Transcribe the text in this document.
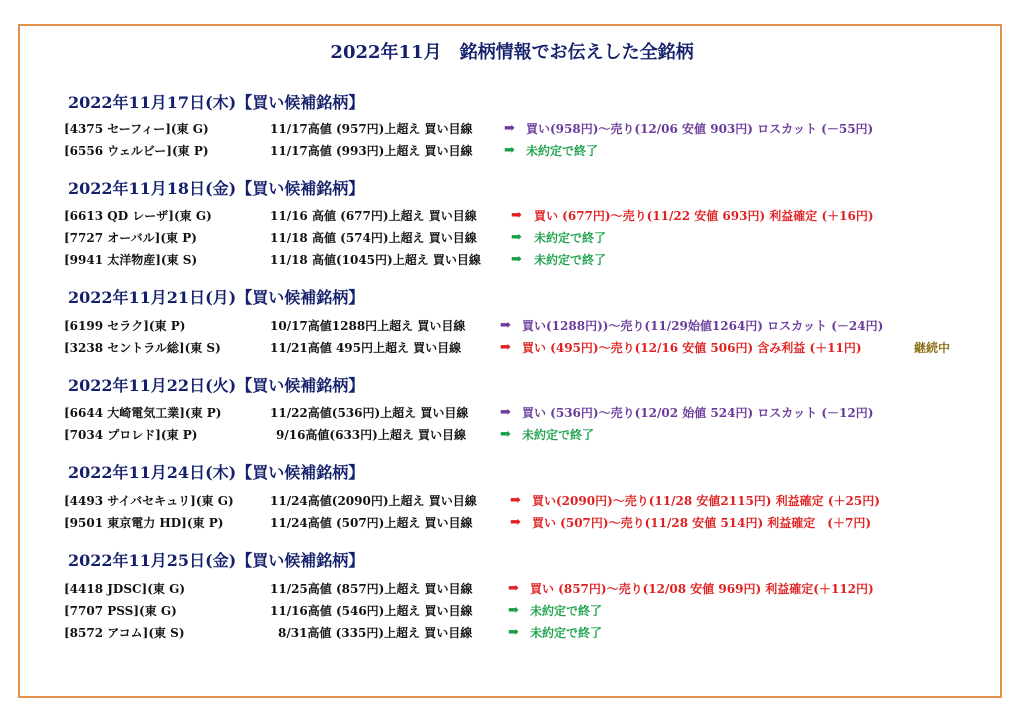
2022年11月　銘柄情報でお伝えした全銘柄
2022年11月17日(木)【買い候補銘柄】
[4375 セーフィー](東 G)	11/17高値 (957円)上超え 買い目線 ➡ 買い(958円)～売り(12/06 安値 903円) ロスカット (－55円)
[6556 ウェルビー](東 P)	11/17高値 (993円)上超え 買い目線 ➡ 未約定で終了
2022年11月18日(金)【買い候補銘柄】
[6613 QD レーザ](東 G)	11/16 高値 (677円)上超え 買い目線	➡ 買い (677円)～売り(11/22 安値 693円) 利益確定 (＋16円)
[7727 オーバル](東 P)	11/18 高値 (574円)上超え 買い目線	➡ 未約定で終了
[9941 太洋物産](東 S)	11/18 高値(1045円)上超え 買い目線 ➡ 未約定で終了
2022年11月21日(月)【買い候補銘柄】
[6199 セラク](東 P)	10/17高値1288円上超え 買い目線	➡ 買い(1288円))～売り(11/29始値1264円) ロスカット (－24円)
[3238 セントラル総](東 S)	11/21高値 495円上超え 買い目線	➡ 買い (495円)～売り(12/16 安値 506円) 含み利益 (＋11円)	継続中
2022年11月22日(火)【買い候補銘柄】
[6644 大崎電気工業](東 P)	11/22高値(536円)上超え 買い目線 ➡ 買い (536円)～売り(12/02 始値 524円) ロスカット (－12円)
[7034 プロレド](東 P)	9/16高値(633円)上超え 買い目線	➡ 未約定で終了
2022年11月24日(木)【買い候補銘柄】
[4493 サイバセキュリ](東 G)	11/24高値(2090円)上超え 買い目線	➡ 買い(2090円)～売り(11/28 安値2115円) 利益確定 (＋25円)
[9501 東京電力 HD](東 P)	11/24高値 (507円)上超え 買い目線	➡ 買い (507円)～売り(11/28 安値 514円) 利益確定　(＋7円)
2022年11月25日(金)【買い候補銘柄】
[4418 JDSC](東 G)	11/25高値 (857円)上超え 買い目線	➡ 買い (857円)～売り(12/08 安値 969円) 利益確定(＋112円)
[7707 PSS](東 G)	11/16高値 (546円)上超え 買い目線	➡ 未約定で終了
[8572 アコム](東 S)	8/31高値 (335円)上超え 買い目線	➡ 未約定で終了
